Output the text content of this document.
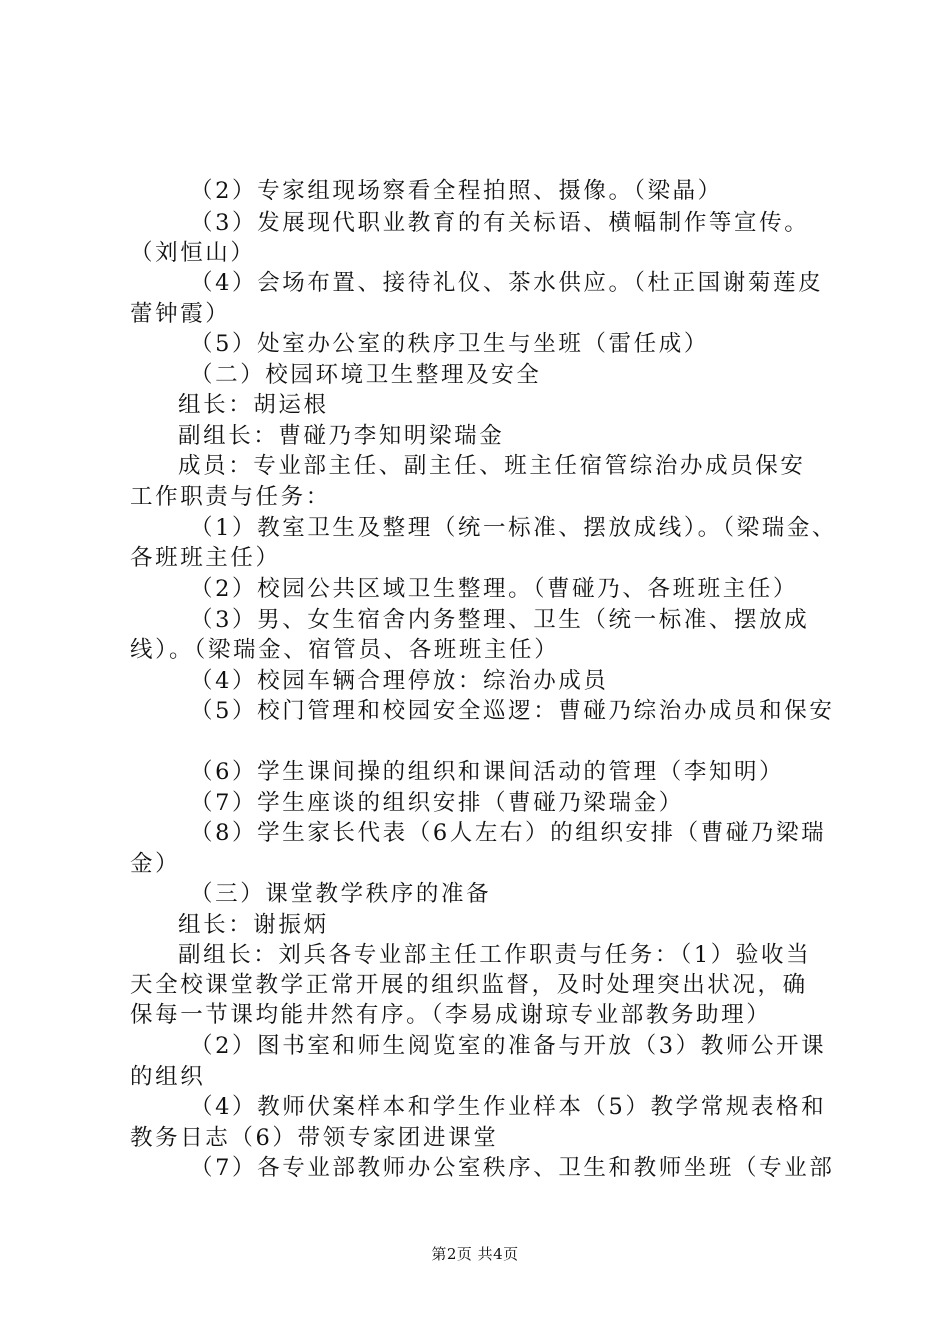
（2）专家组现场察看全程拍照、摄像。（梁晶）
（3）发展现代职业教育的有关标语、横幅制作等宣传。
（刘恒山）
（4）会场布置、接待礼仪、茶水供应。（杜正国谢菊莲皮
蕾钟霞）
（5）处室办公室的秩序卫生与坐班（雷任成）
（二）校园环境卫生整理及安全
组长：胡运根
副组长：曹碰乃李知明梁瑞金
成员：专业部主任、副主任、班主任宿管综治办成员保安
工作职责与任务：
（1）教室卫生及整理（统一标准、摆放成线）。（梁瑞金、
各班班主任）
（2）校园公共区域卫生整理。（曹碰乃、各班班主任）
（3）男、女生宿舍内务整理、卫生（统一标准、摆放成
线）。（梁瑞金、宿管员、各班班主任）
（4）校园车辆合理停放：综治办成员
（5）校门管理和校园安全巡逻：曹碰乃综治办成员和保安
（6）学生课间操的组织和课间活动的管理（李知明）
（7）学生座谈的组织安排（曹碰乃梁瑞金）
（8）学生家长代表（6人左右）的组织安排（曹碰乃梁瑞
金）
（三）课堂教学秩序的准备
组长：谢振炳
副组长：刘兵各专业部主任工作职责与任务：（1）验收当
天全校课堂教学正常开展的组织监督，及时处理突出状况，确
保每一节课均能井然有序。（李易成谢琼专业部教务助理）
（2）图书室和师生阅览室的准备与开放（3）教师公开课
的组织
（4）教师伏案样本和学生作业样本（5）教学常规表格和
教务日志（6）带领专家团进课堂
（7）各专业部教师办公室秩序、卫生和教师坐班（专业部
第2页 共4页
